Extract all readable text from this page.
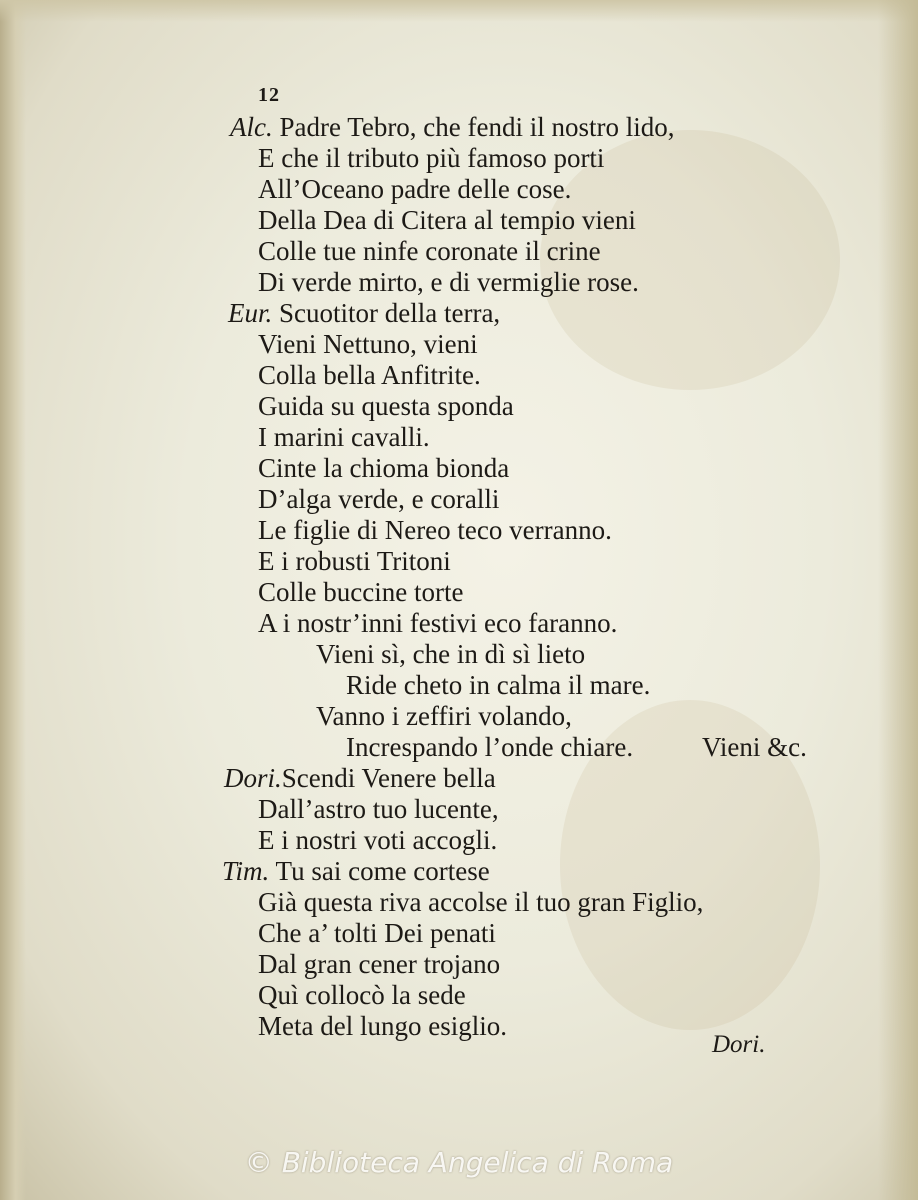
12
Alc. Padre Tebro, che fendi il nostro lido,
E che il tributo più famoso porti
All’Oceano padre delle cose.
Della Dea di Citera al tempio vieni
Colle tue ninfe coronate il crine
Di verde mirto, e di vermiglie rose.
Eur. Scuotitor della terra,
Vieni Nettuno, vieni
Colla bella Anfitrite.
Guida su questa sponda
I marini cavalli.
Cinte la chioma bionda
D’alga verde, e coralli
Le figlie di Nereo teco verranno.
E i robusti Tritoni
Colle buccine torte
A i nostr’inni festivi eco faranno.
Vieni sì, che in dì sì lieto
Ride cheto in calma il mare.
Vanno i zeffiri volando,
Increspando l’onde chiare.	Vieni &c.
Dori.Scendi Venere bella
Dall’astro tuo lucente,
E i nostri voti accogli.
Tim. Tu sai come cortese
Già questa riva accolse il tuo gran Figlio,
Che a’ tolti Dei penati
Dal gran cener trojano
Quì collocò la sede
Meta del lungo esiglio.
Dori.
© Biblioteca Angelica di Roma
